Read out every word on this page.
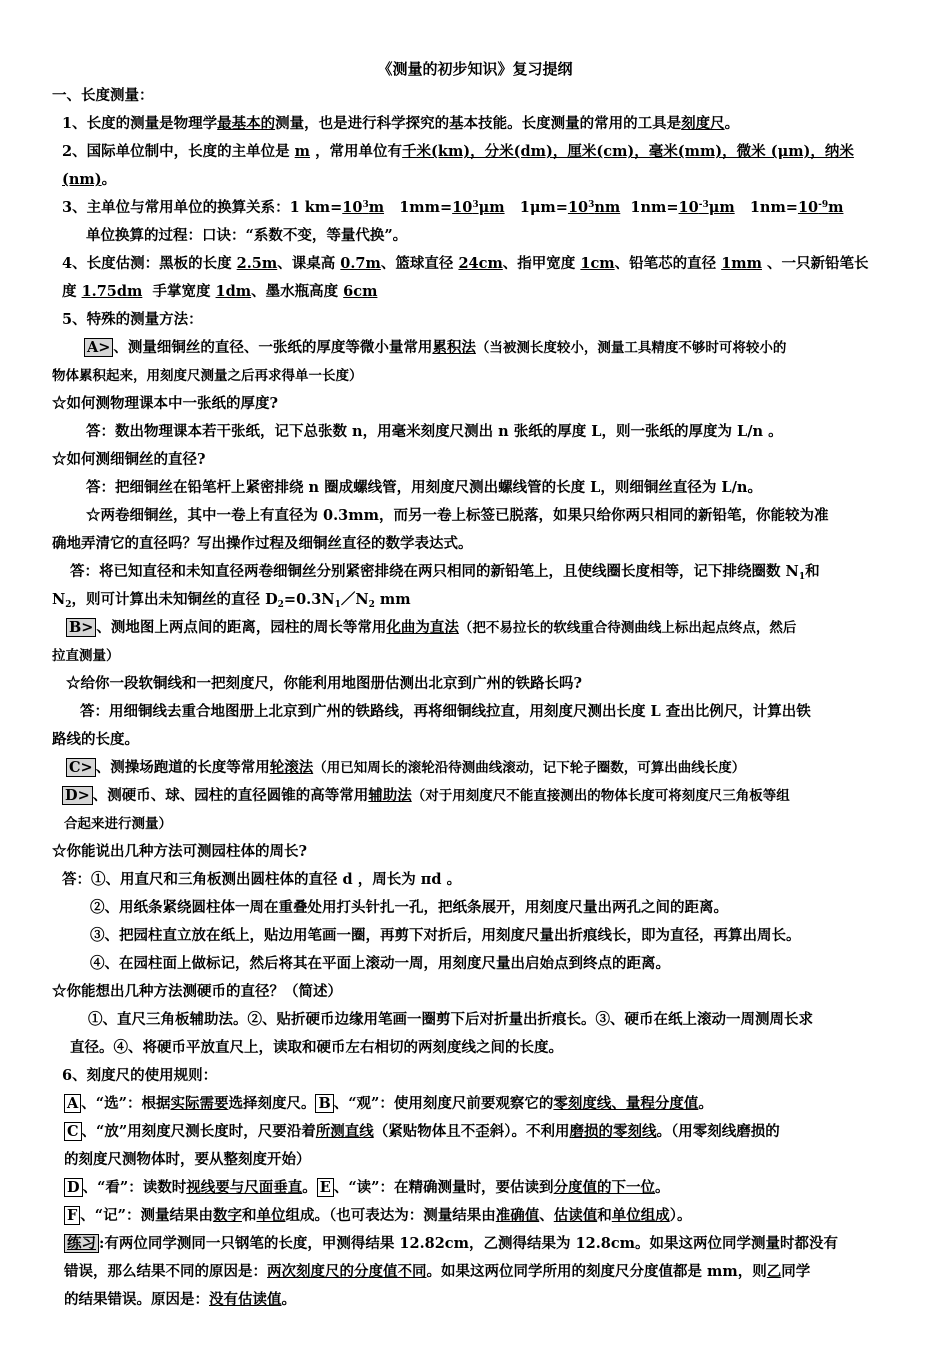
《测量的初步知识》复习提纲
一、长度测量：
1、长度的测量是物理学最基本的测量，也是进行科学探究的基本技能。长度测量的常用的工具是刻度尺。
2、国际单位制中，长度的主单位是 m ，常用单位有千米(km)，分米(dm)，厘米(cm)，毫米(mm)，微米 (μm)，纳米
(nm)。
3、主单位与常用单位的换算关系：1 $km=10^3m$ $1mm=10^3\mu m$ $1\mu m=10^3nm$ $1nm=10^{-3}\mu m$ $1nm=10^{-9}m$
单位换算的过程：口诀：“系数不变，等量代换”。
4、长度估测：黑板的长度 2.5m、课桌高 0.7m、篮球直径 24cm、指甲宽度 1cm、铅笔芯的直径 1mm 、一只新铅笔长
度 1.75dm 手掌宽度 1dm、墨水瓶高度 6cm
5、特殊的测量方法：
A> 、测量细铜丝的直径、一张纸的厚度等微小量常用累积法（当被测长度较小，测量工具精度不够时可将较小的
物体累积起来，用刻度尺测量之后再求得单一长度）
☆如何测物理课本中一张纸的厚度?
答：数出物理课本若干张纸，记下总张数 n，用毫米刻度尺测出 n 张纸的厚度 L，则一张纸的厚度为 L/n 。
☆如何测细铜丝的直径?
答：把细铜丝在铅笔杆上紧密排绕 n 圈成螺线管，用刻度尺测出螺线管的长度 L，则细铜丝直径为 L/n。
☆两卷细铜丝，其中一卷上有直径为 0.3mm，而另一卷上标签已脱落，如果只给你两只相同的新铅笔，你能较为准
确地弄清它的直径吗？写出操作过程及细铜丝直径的数学表达式。
答：将已知直径和未知直径两卷细铜丝分别紧密排绕在两只相同的新铅笔上，且使线圈长度相等，记下排绕圈数 $N_1$和
$N_2$，则可计算出未知铜丝的直径 $D_2=0.3N_1/N_2$ mm
B> 、测地图上两点间的距离，园柱的周长等常用化曲为直法（把不易拉长的软线重合待测曲线上标出起点终点，然后
拉直测量）
☆给你一段软铜线和一把刻度尺，你能利用地图册估测出北京到广州的铁路长吗?
答：用细铜线去重合地图册上北京到广州的铁路线，再将细铜线拉直，用刻度尺测出长度 L 查出比例尺，计算出铁
路线的长度。
C> 、测操场跑道的长度等常用轮滚法（用已知周长的滚轮沿待测曲线滚动，记下轮子圈数，可算出曲线长度）
D> 、测硬币、球、园柱的直径圆锥的高等常用辅助法（对于用刻度尺不能直接测出的物体长度可将刻度尺三角板等组
合起来进行测量）
☆你能说出几种方法可测园柱体的周长?
答：①、用直尺和三角板测出圆柱体的直径 d ，周长为 πd 。
②、用纸条紧绕圆柱体一周在重叠处用打头针扎一孔，把纸条展开，用刻度尺量出两孔之间的距离。
③、把园柱直立放在纸上，贴边用笔画一圈，再剪下对折后，用刻度尺量出折痕线长，即为直径，再算出周长。
④、在园柱面上做标记，然后将其在平面上滚动一周，用刻度尺量出启始点到终点的距离。
☆你能想出几种方法测硬币的直径？（简述）
①、直尺三角板辅助法。②、贴折硬币边缘用笔画一圈剪下后对折量出折痕长。③、硬币在纸上滚动一周测周长求
直径。④、将硬币平放直尺上，读取和硬币左右相切的两刻度线之间的长度。
6、刻度尺的使用规则：
A 、“选”：根据实际需要选择刻度尺。 B 、“观”：使用刻度尺前要观察它的零刻度线、量程分度值。
C 、“放”用刻度尺测长度时，尺要沿着所测直线（紧贴物体且不歪斜）。不利用磨损的零刻线。（用零刻线磨损的
的刻度尺测物体时，要从整刻度开始）
D 、“看”：读数时视线要与尺面垂直。 E 、“读”：在精确测量时，要估读到分度值的下一位。
F 、“记”：测量结果由数字和单位组成。（也可表达为：测量结果由准确值、估读值和单位组成）。
练习 :有两位同学测同一只钢笔的长度，甲测得结果 12.82cm，乙测得结果为 12.8cm。如果这两位同学测量时都没有
错误，那么结果不同的原因是：两次刻度尺的分度值不同。如果这两位同学所用的刻度尺分度值都是 mm，则乙同学
的结果错误。原因是：没有估读值。
